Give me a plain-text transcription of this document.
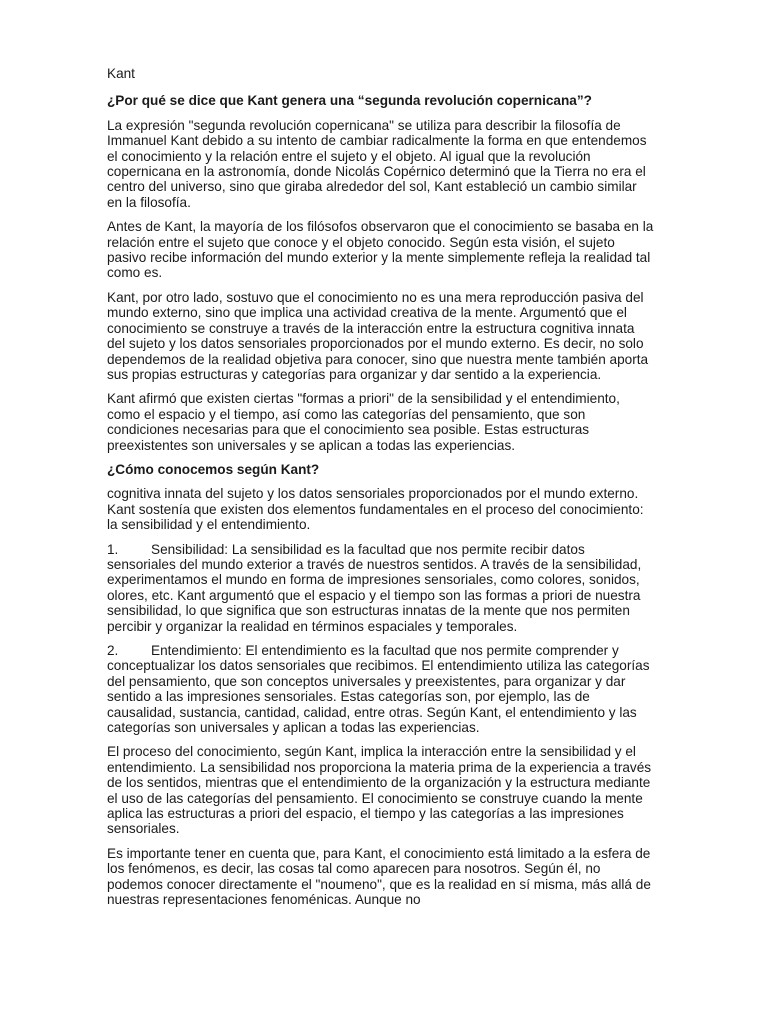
Kant
¿Por qué se dice que Kant genera una “segunda revolución copernicana”?

La expresión "segunda revolución copernicana" se utiliza para describir la filosofía de Immanuel Kant debido a su intento de cambiar radicalmente la forma en que entendemos el conocimiento y la relación entre el sujeto y el objeto. Al igual que la revolución copernicana en la astronomía, donde Nicolás Copérnico determinó que la Tierra no era el centro del universo, sino que giraba alrededor del sol, Kant estableció un cambio similar en la filosofía.

Antes de Kant, la mayoría de los filósofos observaron que el conocimiento se basaba en la relación entre el sujeto que conoce y el objeto conocido. Según esta visión, el sujeto pasivo recibe información del mundo exterior y la mente simplemente refleja la realidad tal como es.

Kant, por otro lado, sostuvo que el conocimiento no es una mera reproducción pasiva del mundo externo, sino que implica una actividad creativa de la mente. Argumentó que el conocimiento se construye a través de la interacción entre la estructura cognitiva innata del sujeto y los datos sensoriales proporcionados por el mundo externo. Es decir, no solo dependemos de la realidad objetiva para conocer, sino que nuestra mente también aporta sus propias estructuras y categorías para organizar y dar sentido a la experiencia.

Kant afirmó que existen ciertas "formas a priori" de la sensibilidad y el entendimiento, como el espacio y el tiempo, así como las categorías del pensamiento, que son condiciones necesarias para que el conocimiento sea posible. Estas estructuras preexistentes son universales y se aplican a todas las experiencias.

¿Cómo conocemos según Kant?

cognitiva innata del sujeto y los datos sensoriales proporcionados por el mundo externo. Kant sostenía que existen dos elementos fundamentales en el proceso del conocimiento: la sensibilidad y el entendimiento.

1. Sensibilidad: La sensibilidad es la facultad que nos permite recibir datos sensoriales del mundo exterior a través de nuestros sentidos. A través de la sensibilidad, experimentamos el mundo en forma de impresiones sensoriales, como colores, sonidos, olores, etc. Kant argumentó que el espacio y el tiempo son las formas a priori de nuestra sensibilidad, lo que significa que son estructuras innatas de la mente que nos permiten percibir y organizar la realidad en términos espaciales y temporales.
2. Entendimiento: El entendimiento es la facultad que nos permite comprender y conceptualizar los datos sensoriales que recibimos. El entendimiento utiliza las categorías del pensamiento, que son conceptos universales y preexistentes, para organizar y dar sentido a las impresiones sensoriales. Estas categorías son, por ejemplo, las de causalidad, sustancia, cantidad, calidad, entre otras. Según Kant, el entendimiento y las categorías son universales y aplican a todas las experiencias.

El proceso del conocimiento, según Kant, implica la interacción entre la sensibilidad y el entendimiento. La sensibilidad nos proporciona la materia prima de la experiencia a través de los sentidos, mientras que el entendimiento de la organización y la estructura mediante el uso de las categorías del pensamiento. El conocimiento se construye cuando la mente aplica las estructuras a priori del espacio, el tiempo y las categorías a las impresiones sensoriales.

Es importante tener en cuenta que, para Kant, el conocimiento está limitado a la esfera de los fenómenos, es decir, las cosas tal como aparecen para nosotros. Según él, no podemos conocer directamente el "noumeno", que es la realidad en sí misma, más allá de nuestras representaciones fenoménicas. Aunque no
